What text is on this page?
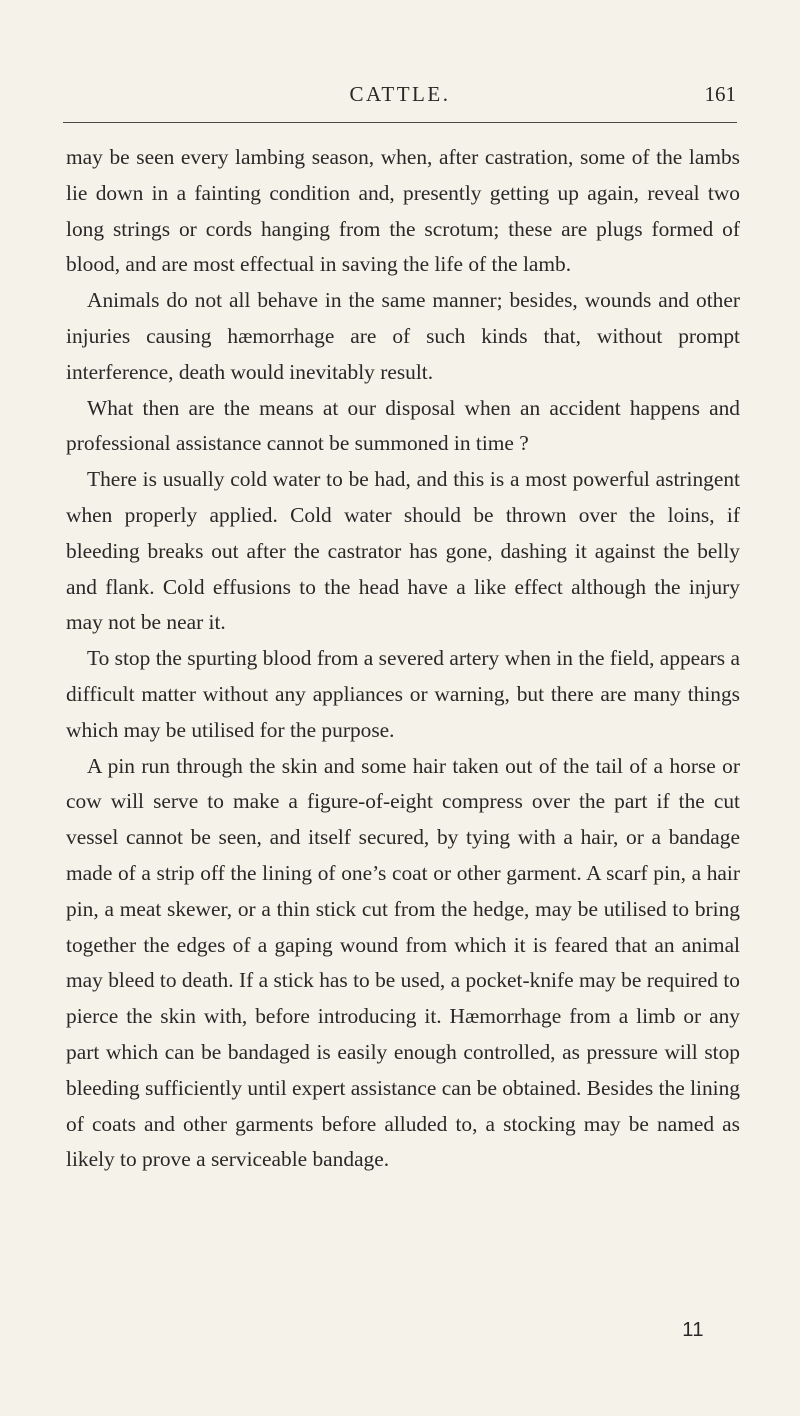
CATTLE.	161

may be seen every lambing season, when, after castration, some of the lambs lie down in a fainting condition and, presently getting up again, reveal two long strings or cords hanging from the scrotum; these are plugs formed of blood, and are most effectual in saving the life of the lamb.

Animals do not all behave in the same manner; besides, wounds and other injuries causing hæmorrhage are of such kinds that, without prompt interference, death would inevitably result.

What then are the means at our disposal when an accident happens and professional assistance cannot be summoned in time ?

There is usually cold water to be had, and this is a most powerful astringent when properly applied. Cold water should be thrown over the loins, if bleeding breaks out after the castrator has gone, dashing it against the belly and flank. Cold effusions to the head have a like effect although the injury may not be near it.

To stop the spurting blood from a severed artery when in the field, appears a difficult matter without any appliances or warning, but there are many things which may be utilised for the purpose.

A pin run through the skin and some hair taken out of the tail of a horse or cow will serve to make a figure-of-eight compress over the part if the cut vessel cannot be seen, and itself secured, by tying with a hair, or a bandage made of a strip off the lining of one’s coat or other garment. A scarf pin, a hair pin, a meat skewer, or a thin stick cut from the hedge, may be utilised to bring together the edges of a gaping wound from which it is feared that an animal may bleed to death. If a stick has to be used, a pocket-knife may be required to pierce the skin with, before introducing it. Hæmorrhage from a limb or any part which can be bandaged is easily enough controlled, as pressure will stop bleeding sufficiently until expert assistance can be obtained. Besides the lining of coats and other garments before alluded to, a stocking may be named as likely to prove a serviceable bandage.

11
